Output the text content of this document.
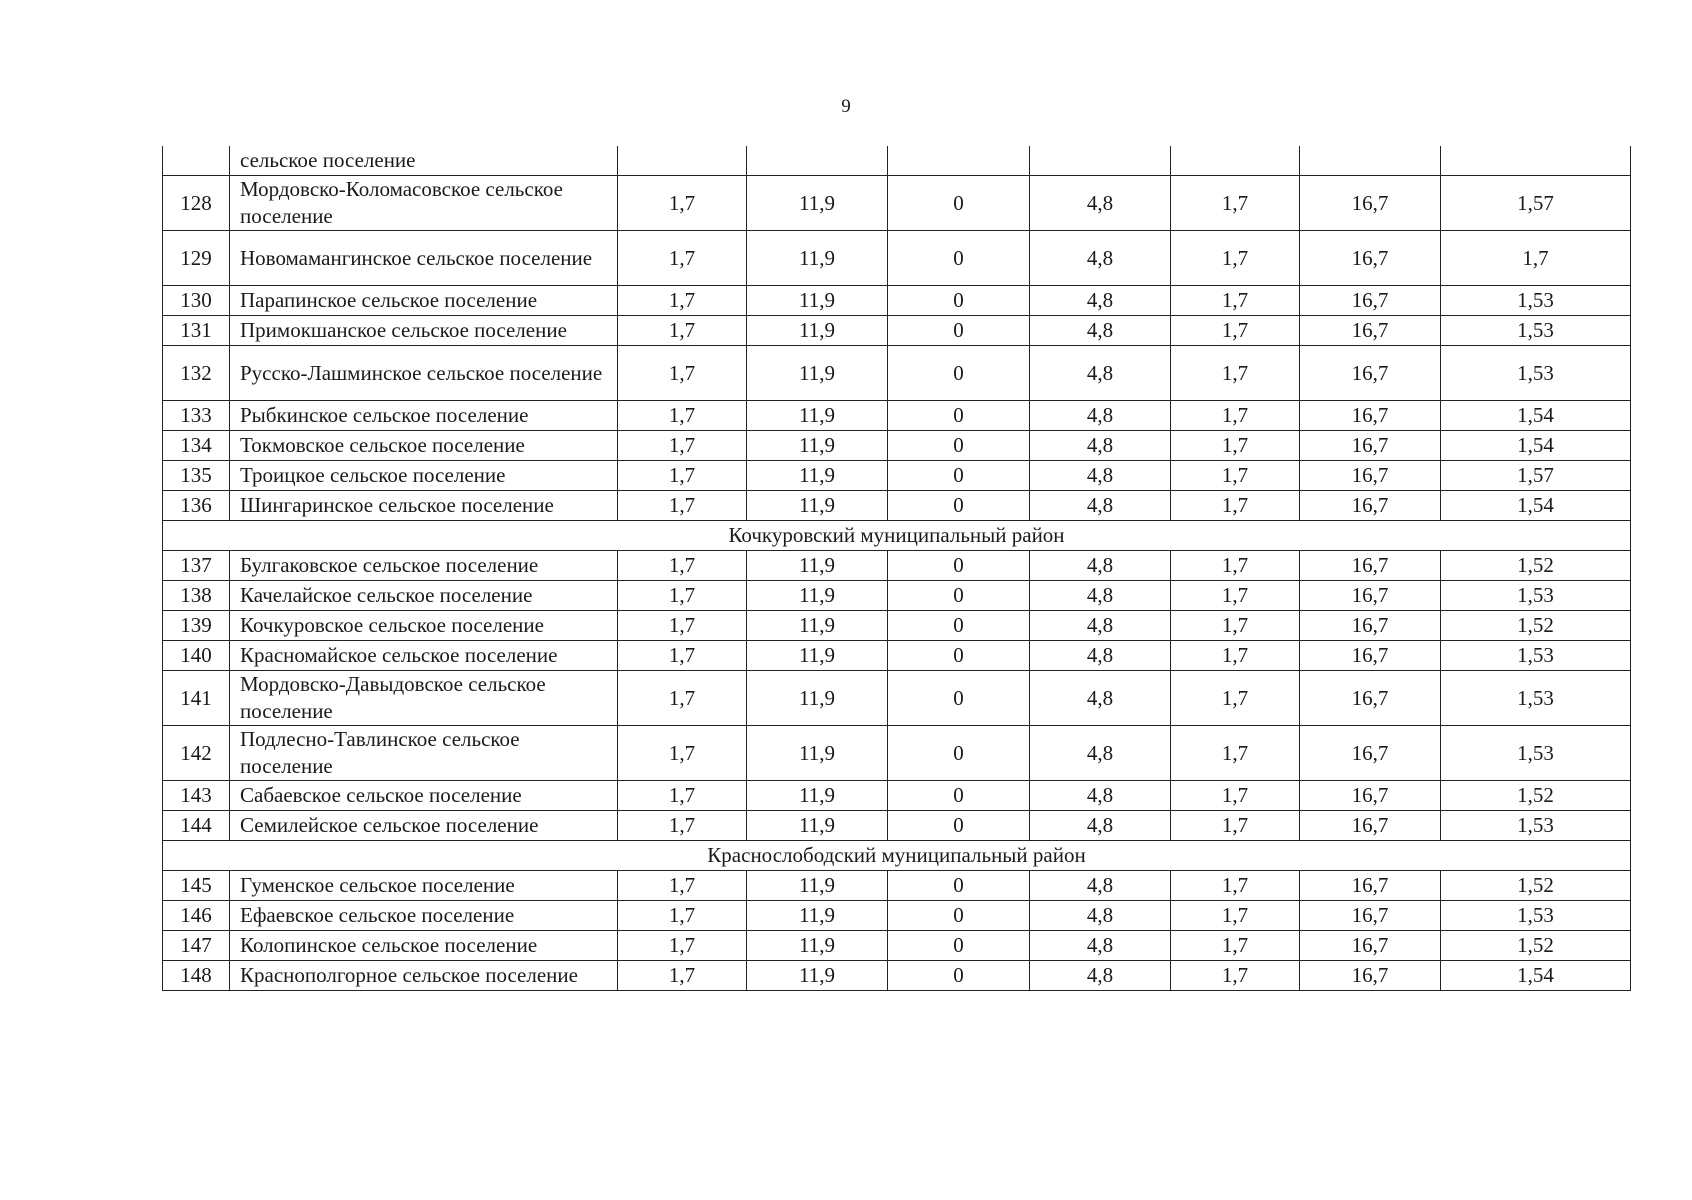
9
	сельское поселение							
128	Мордовско-Коломасовское сельское поселение	1,7	11,9	0	4,8	1,7	16,7	1,57
129	Новомамангинское сельское поселение	1,7	11,9	0	4,8	1,7	16,7	1,7
130	Парапинское сельское поселение	1,7	11,9	0	4,8	1,7	16,7	1,53
131	Примокшанское сельское поселение	1,7	11,9	0	4,8	1,7	16,7	1,53
132	Русско-Лашминское сельское поселение	1,7	11,9	0	4,8	1,7	16,7	1,53
133	Рыбкинское сельское поселение	1,7	11,9	0	4,8	1,7	16,7	1,54
134	Токмовское сельское поселение	1,7	11,9	0	4,8	1,7	16,7	1,54
135	Троицкое сельское поселение	1,7	11,9	0	4,8	1,7	16,7	1,57
136	Шингаринское сельское поселение	1,7	11,9	0	4,8	1,7	16,7	1,54
Кочкуровский муниципальный район								
137	Булгаковское сельское поселение	1,7	11,9	0	4,8	1,7	16,7	1,52
138	Качелайское сельское поселение	1,7	11,9	0	4,8	1,7	16,7	1,53
139	Кочкуровское сельское поселение	1,7	11,9	0	4,8	1,7	16,7	1,52
140	Красномайское сельское поселение	1,7	11,9	0	4,8	1,7	16,7	1,53
141	Мордовско-Давыдовское сельское поселение	1,7	11,9	0	4,8	1,7	16,7	1,53
142	Подлесно-Тавлинское сельское поселение	1,7	11,9	0	4,8	1,7	16,7	1,53
143	Сабаевское сельское поселение	1,7	11,9	0	4,8	1,7	16,7	1,52
144	Семилейское сельское поселение	1,7	11,9	0	4,8	1,7	16,7	1,53
Краснослободский муниципальный район								
145	Гуменское сельское поселение	1,7	11,9	0	4,8	1,7	16,7	1,52
146	Ефаевское сельское поселение	1,7	11,9	0	4,8	1,7	16,7	1,53
147	Колопинское сельское поселение	1,7	11,9	0	4,8	1,7	16,7	1,52
148	Краснополгорное сельское поселение	1,7	11,9	0	4,8	1,7	16,7	1,54
